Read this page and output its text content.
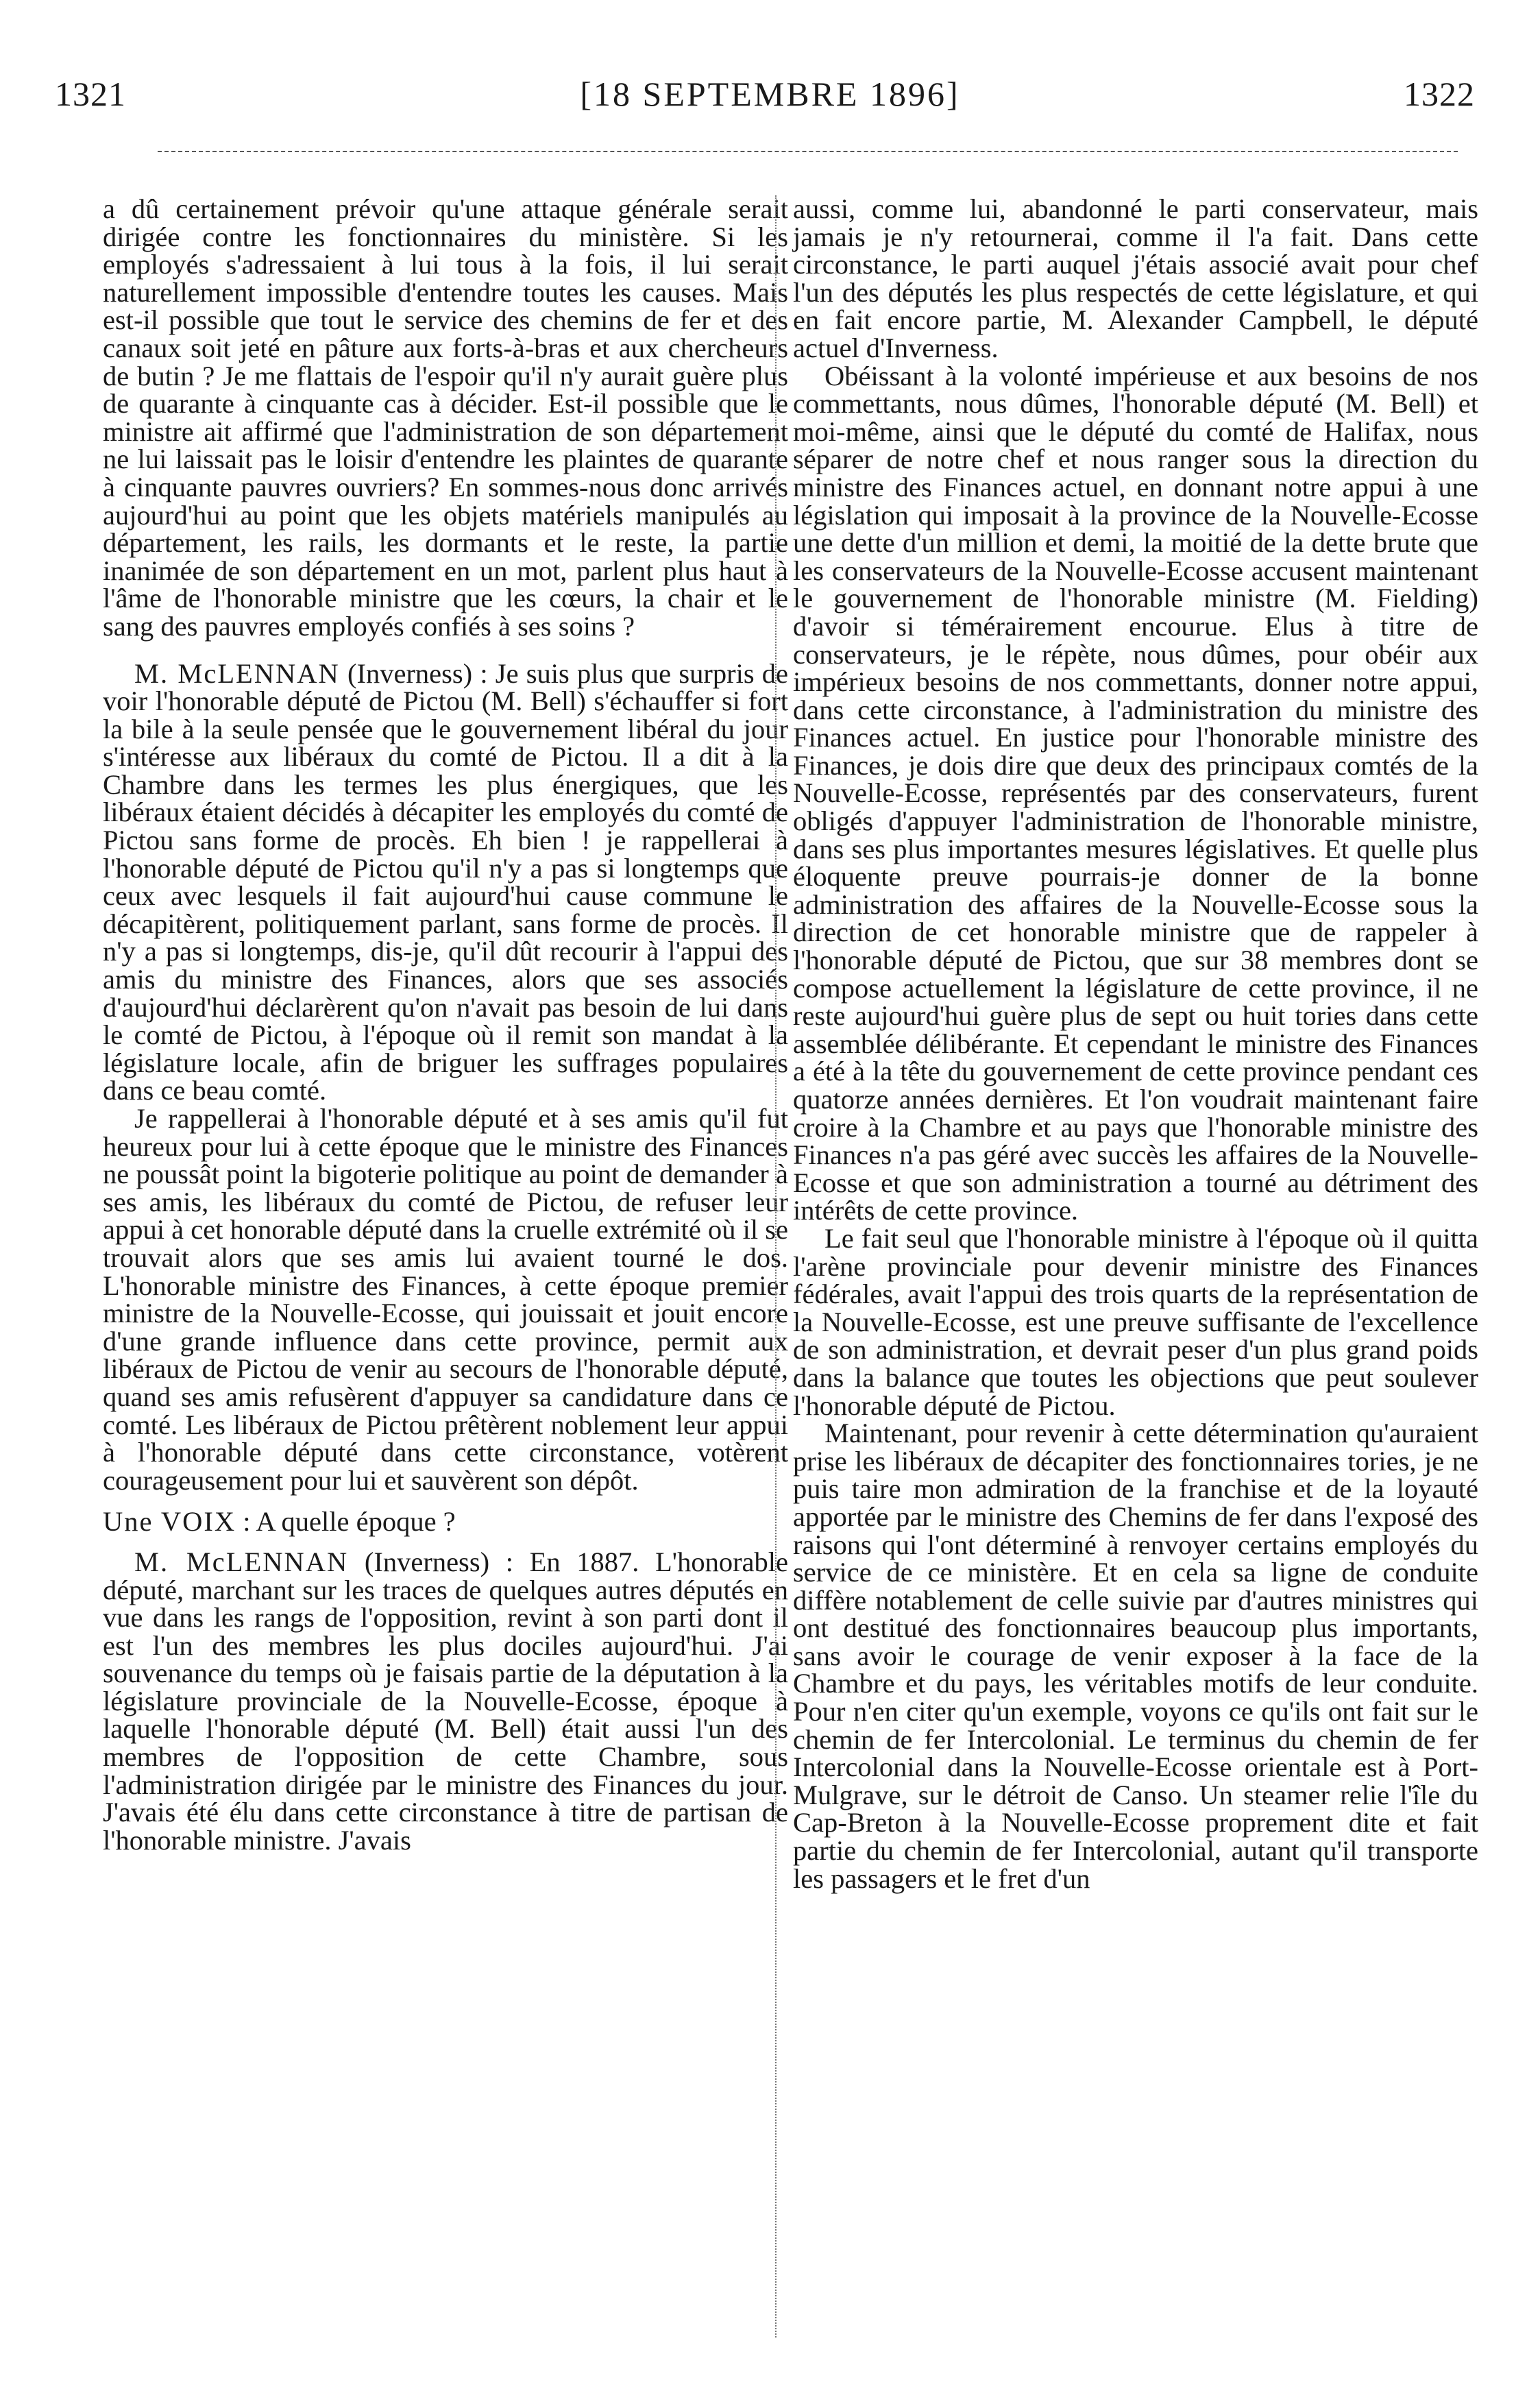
1321	[18 SEPTEMBRE 1896]	1322

a dû certainement prévoir qu'une attaque générale serait dirigée contre les fonctionnaires du ministère. Si les employés s'adressaient à lui tous à la fois, il lui serait naturellement impossible d'entendre toutes les causes. Mais est-il possible que tout le service des chemins de fer et des canaux soit jeté en pâture aux forts-à-bras et aux chercheurs de butin ? Je me flattais de l'espoir qu'il n'y aurait guère plus de quarante à cinquante cas à décider. Est-il possible que le ministre ait affirmé que l'administration de son département ne lui laissait pas le loisir d'entendre les plaintes de quarante à cinquante pauvres ouvriers? En sommes-nous donc arrivés aujourd'hui au point que les objets matériels manipulés au département, les rails, les dormants et le reste, la partie inanimée de son département en un mot, parlent plus haut à l'âme de l'honorable ministre que les cœurs, la chair et le sang des pauvres employés confiés à ses soins ?

M. McLENNAN (Inverness) : Je suis plus que surpris de voir l'honorable député de Pictou (M. Bell) s'échauffer si fort la bile à la seule pensée que le gouvernement libéral du jour s'intéresse aux libéraux du comté de Pictou. Il a dit à la Chambre dans les termes les plus énergiques, que les libéraux étaient décidés à décapiter les employés du comté de Pictou sans forme de procès. Eh bien ! je rappellerai à l'honorable député de Pictou qu'il n'y a pas si longtemps que ceux avec lesquels il fait aujourd'hui cause commune le décapitèrent, politiquement parlant, sans forme de procès. Il n'y a pas si longtemps, dis-je, qu'il dût recourir à l'appui des amis du ministre des Finances, alors que ses associés d'aujourd'hui déclarèrent qu'on n'avait pas besoin de lui dans le comté de Pictou, à l'époque où il remit son mandat à la législature locale, afin de briguer les suffrages populaires dans ce beau comté.

Je rappellerai à l'honorable député et à ses amis qu'il fut heureux pour lui à cette époque que le ministre des Finances ne poussât point la bigoterie politique au point de demander à ses amis, les libéraux du comté de Pictou, de refuser leur appui à cet honorable député dans la cruelle extrémité où il se trouvait alors que ses amis lui avaient tourné le dos. L'honorable ministre des Finances, à cette époque premier ministre de la Nouvelle-Ecosse, qui jouissait et jouit encore d'une grande influence dans cette province, permit aux libéraux de Pictou de venir au secours de l'honorable député, quand ses amis refusèrent d'appuyer sa candidature dans ce comté. Les libéraux de Pictou prêtèrent noblement leur appui à l'honorable député dans cette circonstance, votèrent courageusement pour lui et sauvèrent son dépôt.

Une VOIX : A quelle époque ?

M. McLENNAN (Inverness) : En 1887. L'honorable député, marchant sur les traces de quelques autres députés en vue dans les rangs de l'opposition, revint à son parti dont il est l'un des membres les plus dociles aujourd'hui. J'ai souvenance du temps où je faisais partie de la députation à la législature provinciale de la Nouvelle-Ecosse, époque à laquelle l'honorable député (M. Bell) était aussi l'un des membres de l'opposition de cette Chambre, sous l'administration dirigée par le ministre des Finances du jour. J'avais été élu dans cette circonstance à titre de partisan de l'honorable ministre. J'avais

aussi, comme lui, abandonné le parti conservateur, mais jamais je n'y retournerai, comme il l'a fait. Dans cette circonstance, le parti auquel j'étais associé avait pour chef l'un des députés les plus respectés de cette législature, et qui en fait encore partie, M. Alexander Campbell, le député actuel d'Inverness.

Obéissant à la volonté impérieuse et aux besoins de nos commettants, nous dûmes, l'honorable député (M. Bell) et moi-même, ainsi que le député du comté de Halifax, nous séparer de notre chef et nous ranger sous la direction du ministre des Finances actuel, en donnant notre appui à une législation qui imposait à la province de la Nouvelle-Ecosse une dette d'un million et demi, la moitié de la dette brute que les conservateurs de la Nouvelle-Ecosse accusent maintenant le gouvernement de l'honorable ministre (M. Fielding) d'avoir si témérairement encourue. Elus à titre de conservateurs, je le répète, nous dûmes, pour obéir aux impérieux besoins de nos commettants, donner notre appui, dans cette circonstance, à l'administration du ministre des Finances actuel. En justice pour l'honorable ministre des Finances, je dois dire que deux des principaux comtés de la Nouvelle-Ecosse, représentés par des conservateurs, furent obligés d'appuyer l'administration de l'honorable ministre, dans ses plus importantes mesures législatives. Et quelle plus éloquente preuve pourrais-je donner de la bonne administration des affaires de la Nouvelle-Ecosse sous la direction de cet honorable ministre que de rappeler à l'honorable député de Pictou, que sur 38 membres dont se compose actuellement la législature de cette province, il ne reste aujourd'hui guère plus de sept ou huit tories dans cette assemblée délibérante. Et cependant le ministre des Finances a été à la tête du gouvernement de cette province pendant ces quatorze années dernières. Et l'on voudrait maintenant faire croire à la Chambre et au pays que l'honorable ministre des Finances n'a pas géré avec succès les affaires de la Nouvelle-Ecosse et que son administration a tourné au détriment des intérêts de cette province.

Le fait seul que l'honorable ministre à l'époque où il quitta l'arène provinciale pour devenir ministre des Finances fédérales, avait l'appui des trois quarts de la représentation de la Nouvelle-Ecosse, est une preuve suffisante de l'excellence de son administration, et devrait peser d'un plus grand poids dans la balance que toutes les objections que peut soulever l'honorable député de Pictou.

Maintenant, pour revenir à cette détermination qu'auraient prise les libéraux de décapiter des fonctionnaires tories, je ne puis taire mon admiration de la franchise et de la loyauté apportée par le ministre des Chemins de fer dans l'exposé des raisons qui l'ont déterminé à renvoyer certains employés du service de ce ministère. Et en cela sa ligne de conduite diffère notablement de celle suivie par d'autres ministres qui ont destitué des fonctionnaires beaucoup plus importants, sans avoir le courage de venir exposer à la face de la Chambre et du pays, les véritables motifs de leur conduite. Pour n'en citer qu'un exemple, voyons ce qu'ils ont fait sur le chemin de fer Intercolonial. Le terminus du chemin de fer Intercolonial dans la Nouvelle-Ecosse orientale est à Port-Mulgrave, sur le détroit de Canso. Un steamer relie l'île du Cap-Breton à la Nouvelle-Ecosse proprement dite et fait partie du chemin de fer Intercolonial, autant qu'il transporte les passagers et le fret d'un
